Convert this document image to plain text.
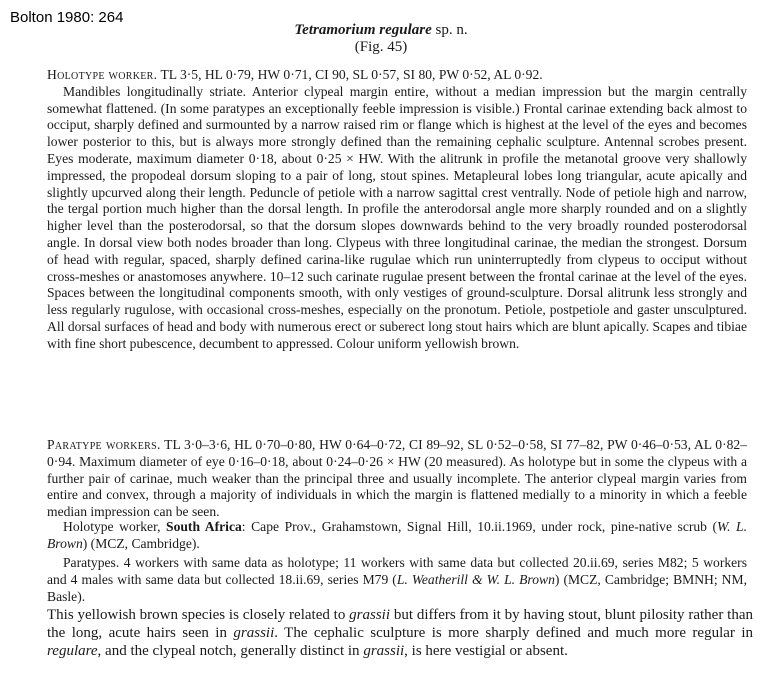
Bolton 1980: 264
Tetramorium regulare sp. n.
(Fig. 45)

Holotype worker. TL 3·5, HL 0·79, HW 0·71, CI 90, SL 0·57, SI 80, PW 0·52, AL 0·92.

Mandibles longitudinally striate. Anterior clypeal margin entire, without a median impression but the margin centrally somewhat flattened. (In some paratypes an exceptionally feeble impression is visible.) Frontal carinae extending back almost to occiput, sharply defined and surmounted by a narrow raised rim or flange which is highest at the level of the eyes and becomes lower posterior to this, but is always more strongly defined than the remaining cephalic sculpture. Antennal scrobes present. Eyes moderate, maximum diameter 0·18, about 0·25 × HW. With the alitrunk in profile the metanotal groove very shallowly impressed, the propodeal dorsum sloping to a pair of long, stout spines. Metapleural lobes long triangular, acute apically and slightly upcurved along their length. Peduncle of petiole with a narrow sagittal crest ventrally. Node of petiole high and narrow, the tergal portion much higher than the dorsal length. In profile the anterodorsal angle more sharply rounded and on a slightly higher level than the posterodorsal, so that the dorsum slopes downwards behind to the very broadly rounded posterodorsal angle. In dorsal view both nodes broader than long. Clypeus with three longitudinal carinae, the median the strongest. Dorsum of head with regular, spaced, sharply defined carina-like rugulae which run uninterruptedly from clypeus to occiput without cross-meshes or anastomoses anywhere. 10–12 such carinate rugulae present between the frontal carinae at the level of the eyes. Spaces between the longitudinal components smooth, with only vestiges of ground-sculpture. Dorsal alitrunk less strongly and less regularly rugulose, with occasional cross-meshes, especially on the pronotum. Petiole, postpetiole and gaster unsculptured. All dorsal surfaces of head and body with numerous erect or suberect long stout hairs which are blunt apically. Scapes and tibiae with fine short pubescence, decumbent to appressed. Colour uniform yellowish brown.

Paratype workers. TL 3·0–3·6, HL 0·70–0·80, HW 0·64–0·72, CI 89–92, SL 0·52–0·58, SI 77–82, PW 0·46–0·53, AL 0·82–0·94. Maximum diameter of eye 0·16–0·18, about 0·24–0·26 × HW (20 measured). As holotype but in some the clypeus with a further pair of carinae, much weaker than the principal three and usually incomplete. The anterior clypeal margin varies from entire and convex, through a majority of individuals in which the margin is flattened medially to a minority in which a feeble median impression can be seen.

Holotype worker, South Africa: Cape Prov., Grahamstown, Signal Hill, 10.ii.1969, under rock, pine-native scrub (W. L. Brown) (MCZ, Cambridge).

Paratypes. 4 workers with same data as holotype; 11 workers with same data but collected 20.ii.69, series M82; 5 workers and 4 males with same data but collected 18.ii.69, series M79 (L. Weatherill & W. L. Brown) (MCZ, Cambridge; BMNH; NM, Basle).

This yellowish brown species is closely related to grassii but differs from it by having stout, blunt pilosity rather than the long, acute hairs seen in grassii. The cephalic sculpture is more sharply defined and much more regular in regulare, and the clypeal notch, generally distinct in grassii, is here vestigial or absent.
